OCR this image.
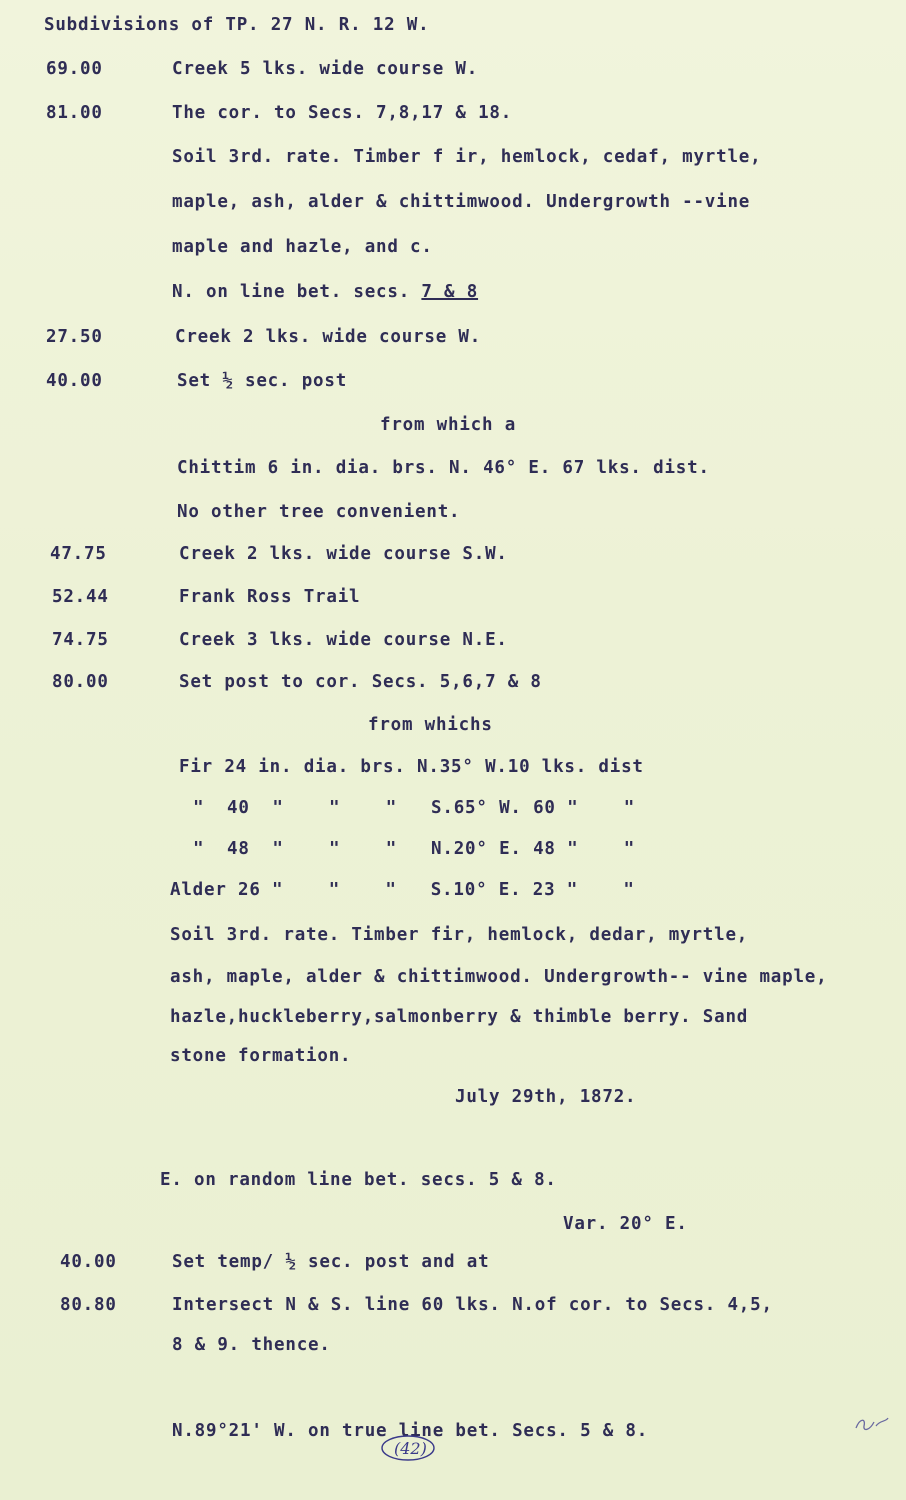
Subdivisions of TP. 27 N. R. 12 W.
69.00	Creek 5 lks. wide course W.
81.00	The cor. to Secs. 7,8,17 & 18.
Soil 3rd. rate. Timber f ir, hemlock, cedaf, myrtle,
maple, ash, alder & chittimwood. Undergrowth --vine
maple and hazle, and c.
N. on line bet. secs. 7 & 8
27.50	Creek 2 lks. wide course W.
40.00	Set ½ sec. post
from which a
Chittim 6 in. dia. brs. N. 46° E. 67 lks. dist.
No other tree convenient.
47.75	Creek 2 lks. wide course S.W.
52.44	Frank Ross Trail
74.75	Creek 3 lks. wide course N.E.
80.00	Set post to cor. Secs. 5,6,7 & 8
from whichs
Fir 24 in. dia. brs. N.35° W.10 lks. dist
"  40  "    "    "   S.65° W. 60 "    "
"  48  "    "    "   N.20° E. 48 "    "
Alder 26 "    "    "   S.10° E. 23 "    "
Soil 3rd. rate. Timber fir, hemlock, dedar, myrtle,
ash, maple, alder & chittimwood. Undergrowth-- vine maple,
hazle,huckleberry,salmonberry & thimble berry. Sand
stone formation.
July 29th, 1872.
E. on random line bet. secs. 5 & 8.
Var. 20° E.
40.00	Set temp/ ½ sec. post and at
80.80	Intersect N & S. line 60 lks. N.of cor. to Secs. 4,5,
8 & 9. thence.
N.89°21' W. on true line bet. Secs. 5 & 8.
(42)
